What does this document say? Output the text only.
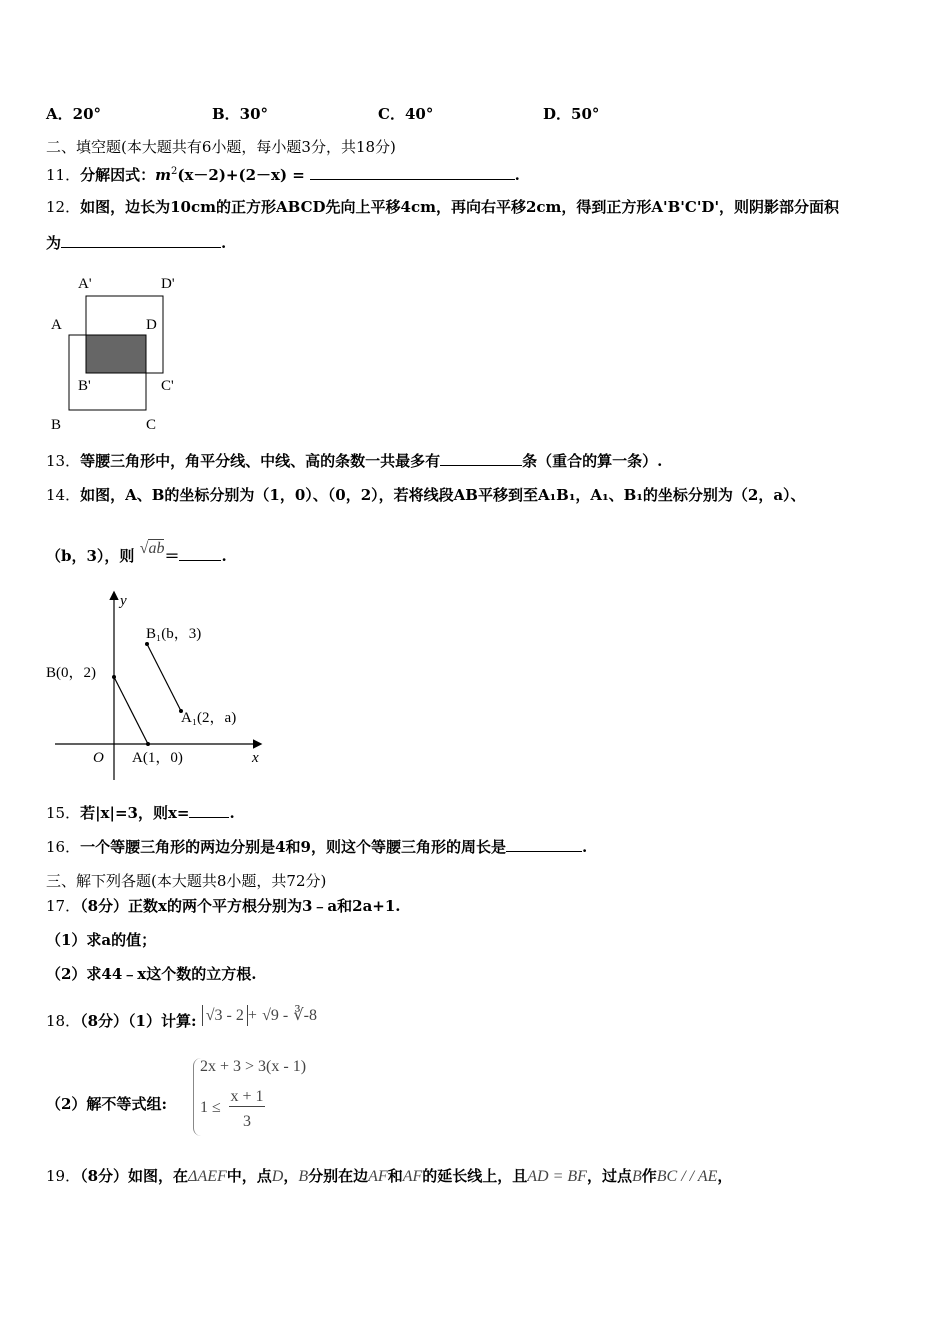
A．20°	B．30°	C．40°	D．50°
二、填空题(本大题共有6小题，每小题3分，共18分)
11．分解因式：$m^2(x-2)+(2-x)$ =	.
12．如图，边长为10cm的正方形ABCD先向上平移4cm，再向右平移2cm，得到正方形A'B'C'D'，则阴影部分面积
为	.
A'	D'
A	D
B'	C'
B	C
13．等腰三角形中，角平分线、中线、高的条数一共最多有	条（重合的算一条）.
14．如图，A、B的坐标分别为（1，0）、（0，2），若将线段AB平移到至A₁B₁，A₁、B₁的坐标分别为（2，a）、
（b，3），则 √ab＝	.
y
x
O
B₁(b，3)
B(0，2)
A₁(2，a)
A(1，0)
15．若|x|=3，则x=	.
16．一个等腰三角形的两边分别是4和9，则这个等腰三角形的周长是	.
三、解下列各题(本大题共8小题，共72分)
17．（8分）正数x的两个平方根分别为3﹣a和2a+1.
（1）求a的值；
（2）求44﹣x这个数的立方根.
18．（8分）（1）计算: √3 - 2 + √9 - ∛-8
（2）解不等式组:
2x + 3 > 3(x - 1)
1 ≤
x + 1
3
19．（8分）如图，在ΔAEF中，点D，B分别在边AF和AF的延长线上，且AD = BF，过点B作BC / / AE，
